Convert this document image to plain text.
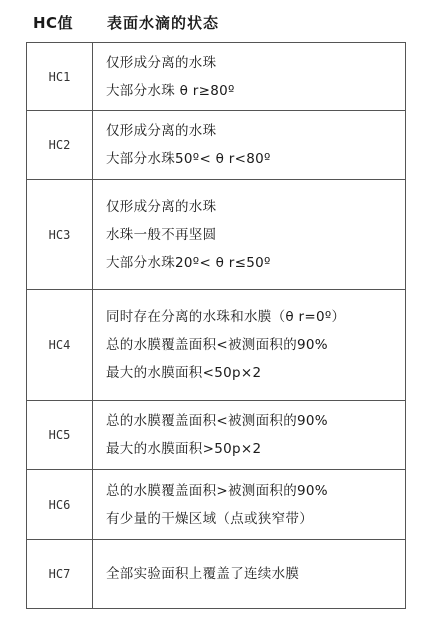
HC值 表面水滴的状态
HC1
仅形成分离的水珠
大部分水珠 θ r≥80º
HC2
仅形成分离的水珠
大部分水珠50º< θ r<80º
HC3
仅形成分离的水珠
水珠一般不再坚圆
大部分水珠20º< θ r≤50º
HC4
同时存在分离的水珠和水膜（θ r=0º）
总的水膜覆盖面积<被测面积的90%
最大的水膜面积<50p×2
HC5
总的水膜覆盖面积<被测面积的90%
最大的水膜面积>50p×2
HC6
总的水膜覆盖面积>被测面积的90%
有少量的干燥区域（点或狭窄带）
HC7	全部实验面积上覆盖了连续水膜
